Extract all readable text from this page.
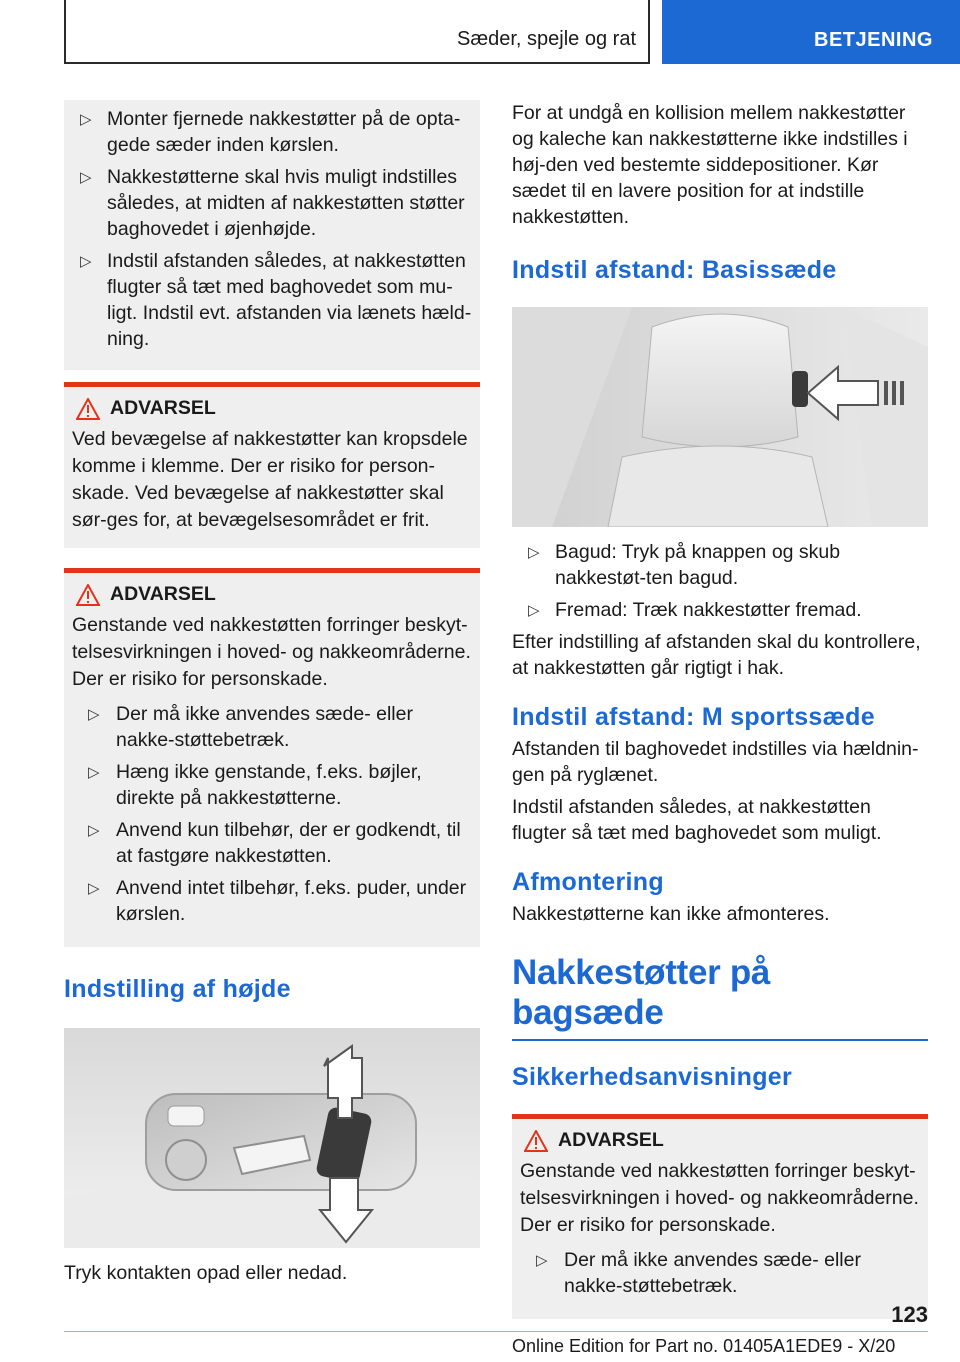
Sæder, spejle og rat	BETJENING
▷ Monter fjernede nakkestøtter på de opta-gede sæder inden kørslen.
▷ Nakkestøtterne skal hvis muligt indstilles således, at midten af nakkestøtten støtter baghovedet i øjenhøjde.
▷ Indstil afstanden således, at nakkestøtten flugter så tæt med baghovedet som mu-ligt. Indstil evt. afstanden via lænets hæld-ning.
ADVARSEL
Ved bevægelse af nakkestøtter kan kropsdele komme i klemme. Der er risiko for person-skade. Ved bevægelse af nakkestøtter skal sør-ges for, at bevægelsesområdet er frit.
ADVARSEL
Genstande ved nakkestøtten forringer beskyt-telsesvirkningen i hoved- og nakkeområderne. Der er risiko for personskade.
▷ Der må ikke anvendes sæde- eller nakke-støttebetræk.
▷ Hæng ikke genstande, f.eks. bøjler, direkte på nakkestøtterne.
▷ Anvend kun tilbehør, der er godkendt, til at fastgøre nakkestøtten.
▷ Anvend intet tilbehør, f.eks. puder, under kørslen.
Indstilling af højde

Tryk kontakten opad eller nedad.

For at undgå en kollision mellem nakkestøtter og kaleche kan nakkestøtterne ikke indstilles i høj-den ved bestemte siddepositioner. Kør sædet til en lavere position for at indstille nakkestøtten.

Indstil afstand: Basissæde
▷ Bagud: Tryk på knappen og skub nakkestøt-ten bagud.
▷ Fremad: Træk nakkestøtter fremad.

Efter indstilling af afstanden skal du kontrollere, at nakkestøtten går rigtigt i hak.

Indstil afstand: M sportssæde

Afstanden til baghovedet indstilles via hældnin-gen på ryglænet.

Indstil afstanden således, at nakkestøtten flugter så tæt med baghovedet som muligt.

Afmontering

Nakkestøtterne kan ikke afmonteres.

Nakkestøtter på bagsæde
Sikkerhedsanvisninger
ADVARSEL
Genstande ved nakkestøtten forringer beskyt-telsesvirkningen i hoved- og nakkeområderne. Der er risiko for personskade.
▷ Der må ikke anvendes sæde- eller nakke-støttebetræk.
123
Online Edition for Part no. 01405A1EDE9 - X/20
